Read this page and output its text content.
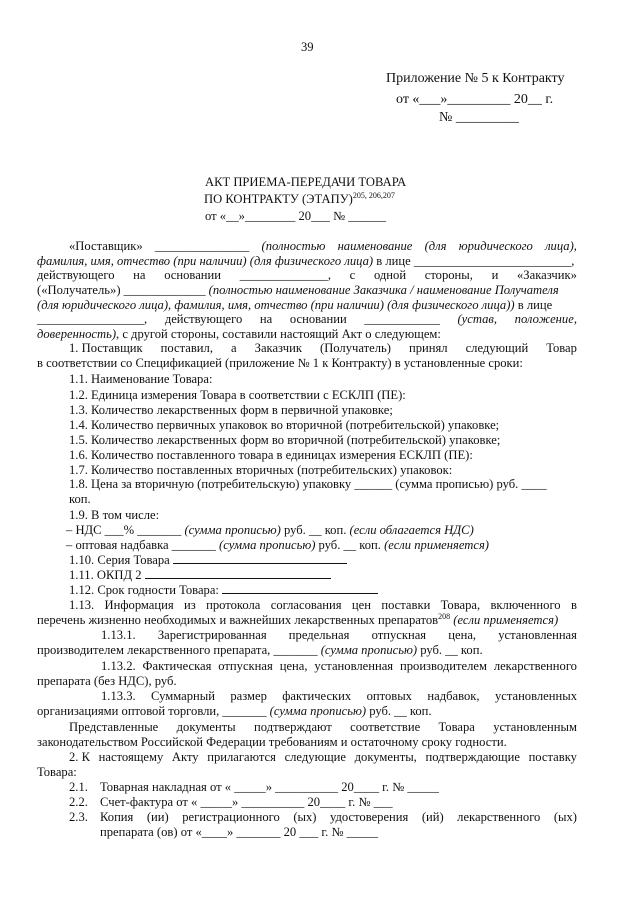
39
Приложение № 5 к Контракту
от «___»_________ 20__ г.
№ _________
АКТ ПРИЕМА-ПЕРЕДАЧИ ТОВАРА
ПО КОНТРАКТУ (ЭТАПУ)$^{205, 206,207}$
от «__»________ 20___ № ______
«Поставщик» _______________ (полностью наименование (для юридического лица),
фамилия, имя, отчество (при наличии) (для физического лица) в лице _________________________,
действующего на основании ______________, с одной стороны, и «Заказчик»
(«Получатель») _____________ (полностью наименование Заказчика / наименование Получателя
(для юридического лица), фамилия, имя, отчество (при наличии) (для физического лица)) в лице
_________________, действующего на основании ____________ (устав, положение,
доверенность), с другой стороны, составили настоящий Акт о следующем:
1. Поставщик поставил, а Заказчик (Получатель) принял следующий Товар
в соответствии со Спецификацией (приложение № 1 к Контракту) в установленные сроки:
1.1. Наименование Товара:
1.2. Единица измерения Товара в соответствии с ЕСКЛП (ПЕ):
1.3. Количество лекарственных форм в первичной упаковке;
1.4. Количество первичных упаковок во вторичной (потребительской) упаковке;
1.5. Количество лекарственных форм во вторичной (потребительской) упаковке;
1.6. Количество поставленного товара в единицах измерения ЕСКЛП (ПЕ):
1.7. Количество поставленных вторичных (потребительских) упаковок:
1.8. Цена за вторичную (потребительскую) упаковку ______ (сумма прописью) руб. ____
коп.
1.9. В том числе:
– НДС ___% _______ (сумма прописью) руб. __ коп. (если облагается НДС)
– оптовая надбавка _______ (сумма прописью) руб. __ коп. (если применяется)
1.10. Серия Товара
1.11. ОКПД 2
1.12. Срок годности Товара:
1.13. Информация из протокола согласования цен поставки Товара, включенного в
перечень жизненно необходимых и важнейших лекарственных препаратов$^{208}$ (если применяется)
1.13.1. Зарегистрированная предельная отпускная цена, установленная
производителем лекарственного препарата, _______ (сумма прописью) руб. __ коп.
1.13.2. Фактическая отпускная цена, установленная производителем лекарственного
препарата (без НДС), руб.
1.13.3. Суммарный размер фактических оптовых надбавок, установленных
организациями оптовой торговли, _______ (сумма прописью) руб. __ коп.
Представленные документы подтверждают соответствие Товара установленным
законодательством Российской Федерации требованиям и остаточному сроку годности.
2. К настоящему Акту прилагаются следующие документы, подтверждающие поставку
Товара:
2.1. Товарная накладная от « _____» __________ 20____ г. № _____
2.2. Счет-фактура от « _____» __________ 20____ г. № ___
2.3. Копия (ии) регистрационного (ых) удостоверения (ий) лекарственного (ых)
препарата (ов) от «____» _______ 20 ___ г. № _____
